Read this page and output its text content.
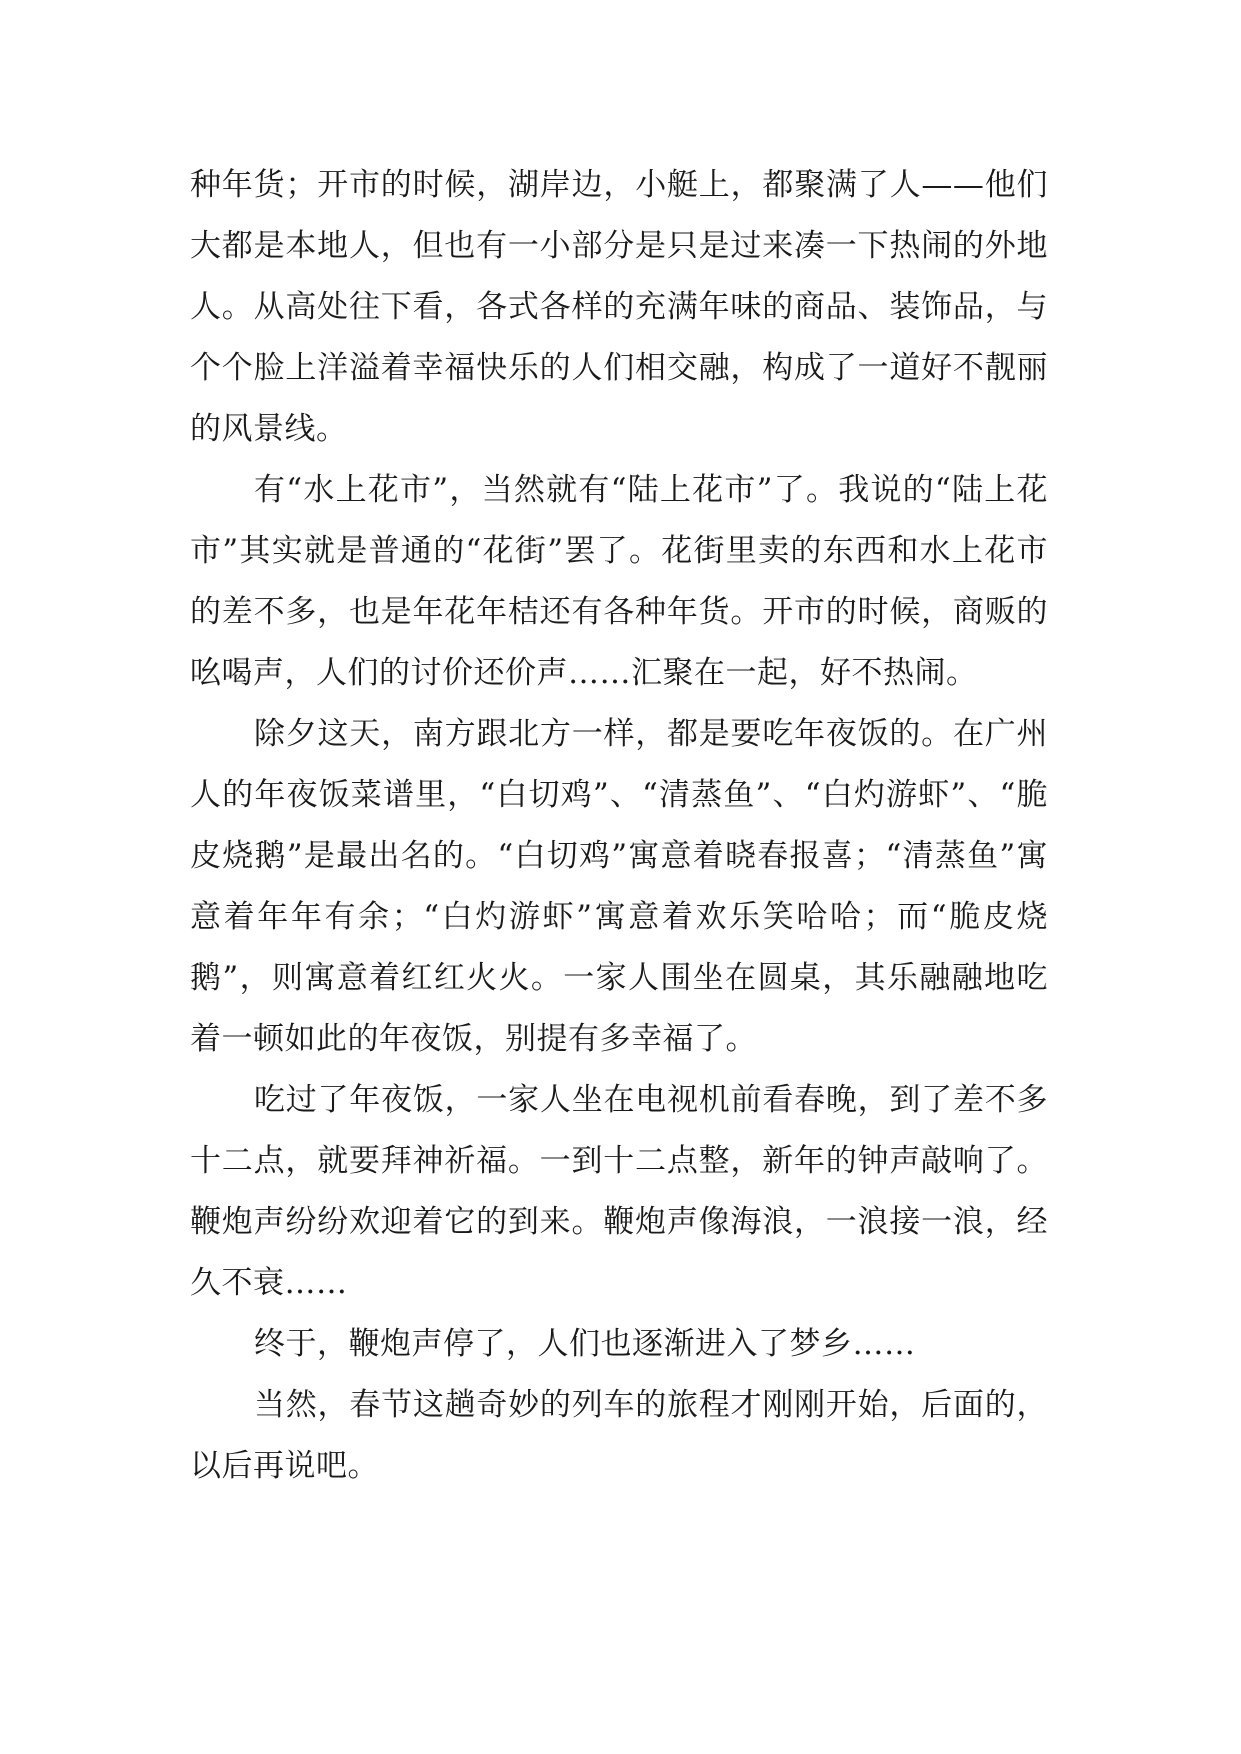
种年货；开市的时候，湖岸边，小艇上，都聚满了人——他们大都是本地人，但也有一小部分是只是过来凑一下热闹的外地人。从高处往下看，各式各样的充满年味的商品、装饰品，与个个脸上洋溢着幸福快乐的人们相交融，构成了一道好不靓丽的风景线。

有“水上花市”，当然就有“陆上花市”了。我说的“陆上花市”其实就是普通的“花街”罢了。花街里卖的东西和水上花市的差不多，也是年花年桔还有各种年货。开市的时候，商贩的吆喝声，人们的讨价还价声……汇聚在一起，好不热闹。

除夕这天，南方跟北方一样，都是要吃年夜饭的。在广州人的年夜饭菜谱里，“白切鸡”、“清蒸鱼”、“白灼游虾”、“脆皮烧鹅”是最出名的。“白切鸡”寓意着晓春报喜；“清蒸鱼”寓意着年年有余；“白灼游虾”寓意着欢乐笑哈哈；而“脆皮烧鹅”，则寓意着红红火火。一家人围坐在圆桌，其乐融融地吃着一顿如此的年夜饭，别提有多幸福了。

吃过了年夜饭，一家人坐在电视机前看春晚，到了差不多十二点，就要拜神祈福。一到十二点整，新年的钟声敲响了。鞭炮声纷纷欢迎着它的到来。鞭炮声像海浪，一浪接一浪，经久不衰……

终于，鞭炮声停了，人们也逐渐进入了梦乡……

当然，春节这趟奇妙的列车的旅程才刚刚开始，后面的，以后再说吧。
